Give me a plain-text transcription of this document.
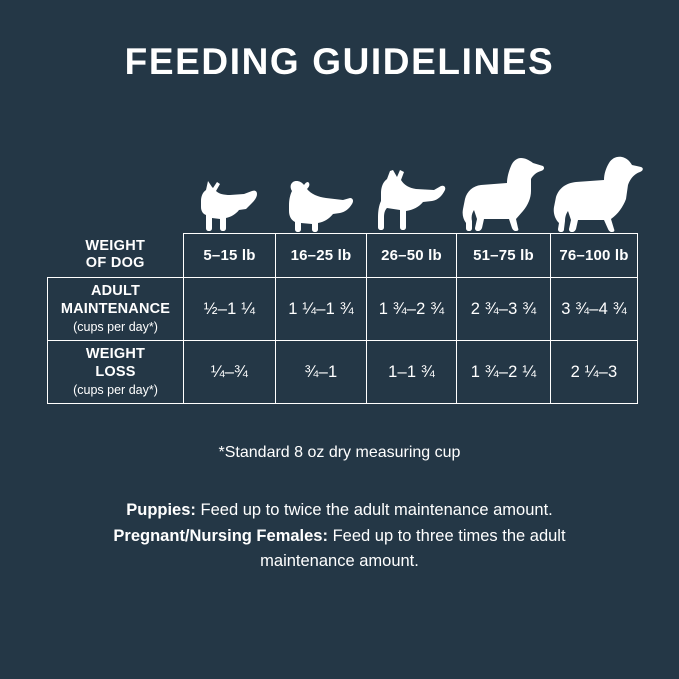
FEEDING GUIDELINES
WEIGHT
OF DOG	5–15 lb	16–25 lb	26–50 lb	51–75 lb	76–100 lb
ADULT
MAINTENANCE
(cups per day*)	½–1 ¼	1 ¼–1 ¾	1 ¾–2 ¾	2 ¾–3 ¾	3 ¾–4 ¾
WEIGHT
LOSS
(cups per day*)	¼–¾	¾–1	1–1 ¾	1 ¾–2 ¼	2 ¼–3
*Standard 8 oz dry measuring cup
Puppies: Feed up to twice the adult maintenance amount.
Pregnant/Nursing Females: Feed up to three times the adult
maintenance amount.
